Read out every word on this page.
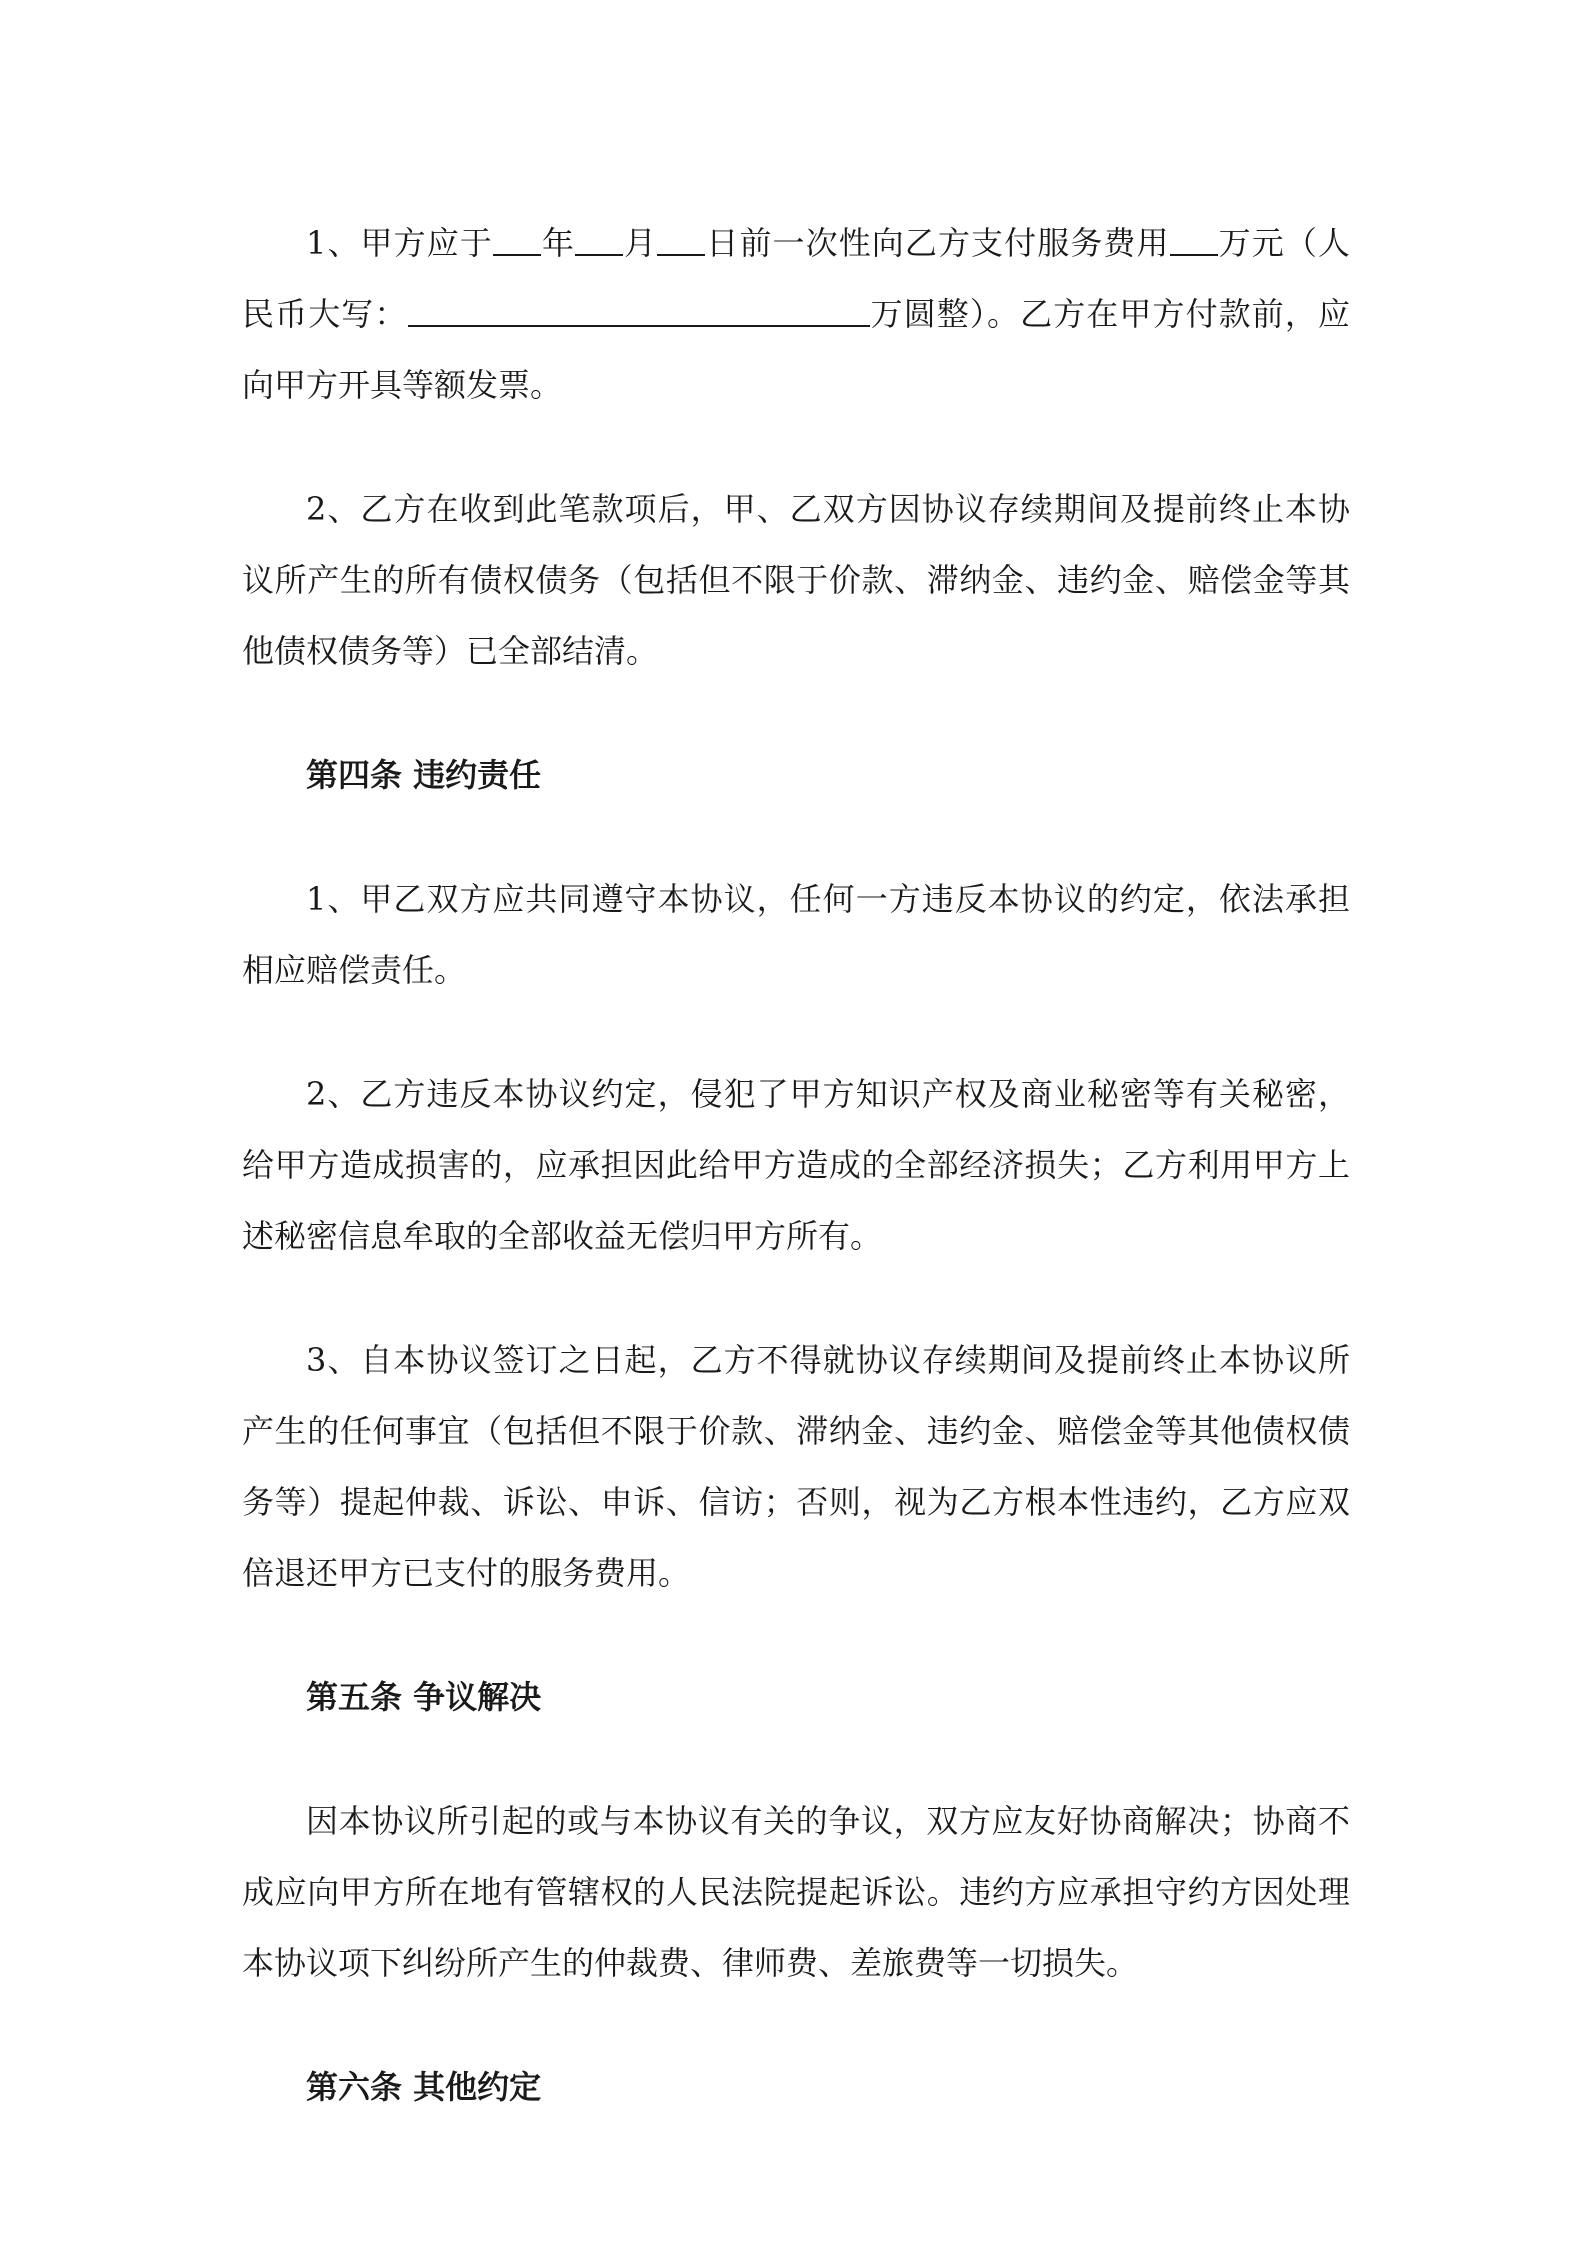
1、甲方应于 年 月 日前一次性向乙方支付服务费用 万元（人民币大写：	万圆整）。乙方在甲方付款前，应向甲方开具等额发票。

2、乙方在收到此笔款项后，甲、乙双方因协议存续期间及提前终止本协议所产生的所有债权债务（包括但不限于价款、滞纳金、违约金、赔偿金等其他债权债务等）已全部结清。

第四条 违约责任

1、甲乙双方应共同遵守本协议，任何一方违反本协议的约定，依法承担相应赔偿责任。

2、乙方违反本协议约定，侵犯了甲方知识产权及商业秘密等有关秘密，给甲方造成损害的，应承担因此给甲方造成的全部经济损失；乙方利用甲方上述秘密信息牟取的全部收益无偿归甲方所有。

3、自本协议签订之日起，乙方不得就协议存续期间及提前终止本协议所产生的任何事宜（包括但不限于价款、滞纳金、违约金、赔偿金等其他债权债务等）提起仲裁、诉讼、申诉、信访；否则，视为乙方根本性违约，乙方应双倍退还甲方已支付的服务费用。

第五条 争议解决

因本协议所引起的或与本协议有关的争议，双方应友好协商解决；协商不成应向甲方所在地有管辖权的人民法院提起诉讼。违约方应承担守约方因处理本协议项下纠纷所产生的仲裁费、律师费、差旅费等一切损失。

第六条 其他约定
